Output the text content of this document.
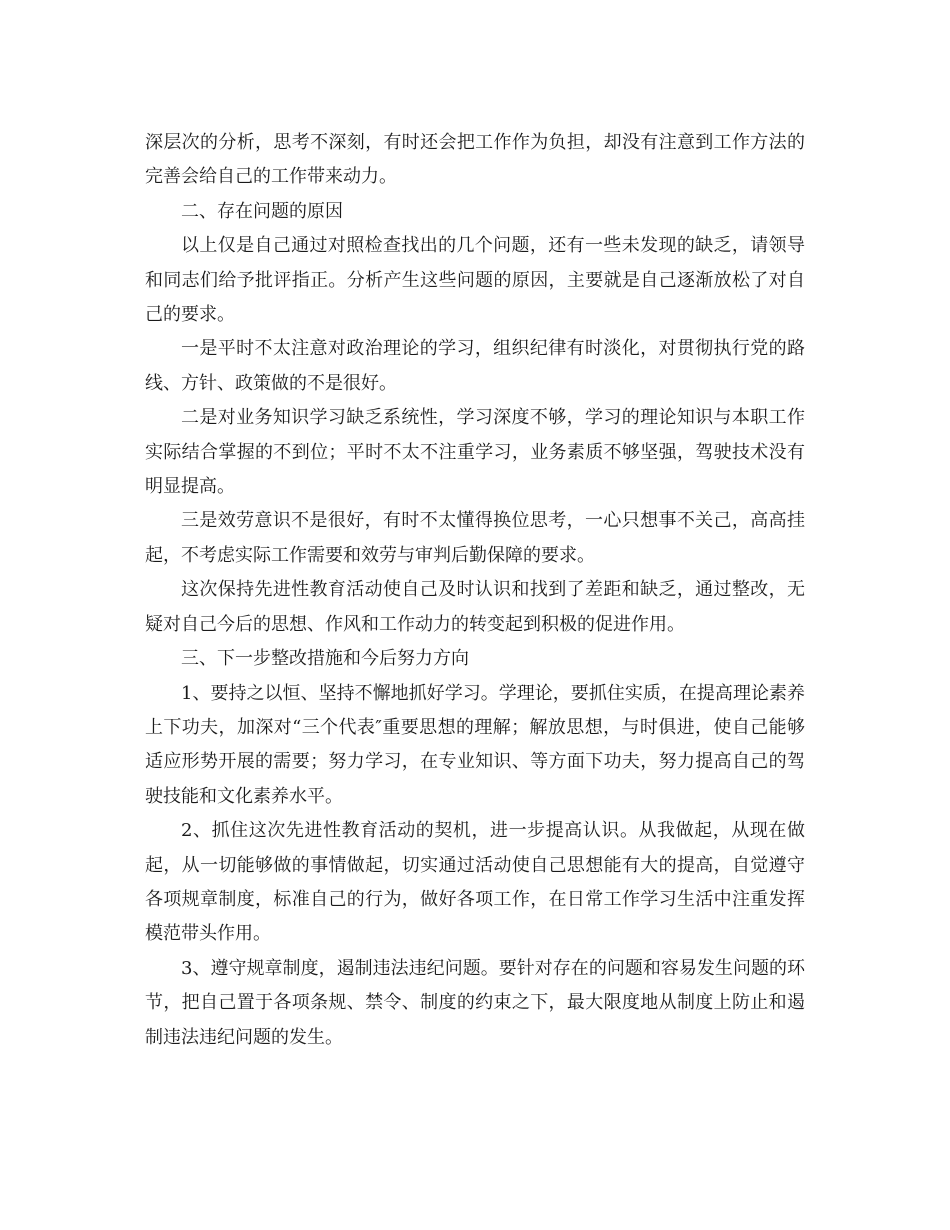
深层次的分析，思考不深刻，有时还会把工作作为负担，却没有注意到工作方法的完善会给自己的工作带来动力。

二、存在问题的原因

以上仅是自己通过对照检查找出的几个问题，还有一些未发现的缺乏，请领导和同志们给予批评指正。分析产生这些问题的原因，主要就是自己逐渐放松了对自己的要求。

一是平时不太注意对政治理论的学习，组织纪律有时淡化，对贯彻执行党的路线、方针、政策做的不是很好。

二是对业务知识学习缺乏系统性，学习深度不够，学习的理论知识与本职工作实际结合掌握的不到位；平时不太不注重学习，业务素质不够坚强，驾驶技术没有明显提高。

三是效劳意识不是很好，有时不太懂得换位思考，一心只想事不关己，高高挂起，不考虑实际工作需要和效劳与审判后勤保障的要求。

这次保持先进性教育活动使自己及时认识和找到了差距和缺乏，通过整改，无疑对自己今后的思想、作风和工作动力的转变起到积极的促进作用。

三、下一步整改措施和今后努力方向

1、要持之以恒、坚持不懈地抓好学习。学理论，要抓住实质，在提高理论素养上下功夫，加深对“三个代表″重要思想的理解；解放思想，与时俱进，使自己能够适应形势开展的需要；努力学习，在专业知识、等方面下功夫，努力提高自己的驾驶技能和文化素养水平。

2、抓住这次先进性教育活动的契机，进一步提高认识。从我做起，从现在做起，从一切能够做的事情做起，切实通过活动使自己思想能有大的提高，自觉遵守各项规章制度，标准自己的行为，做好各项工作，在日常工作学习生活中注重发挥模范带头作用。

3、遵守规章制度，遏制违法违纪问题。要针对存在的问题和容易发生问题的环节，把自己置于各项条规、禁令、制度的约束之下，最大限度地从制度上防止和遏制违法违纪问题的发生。
